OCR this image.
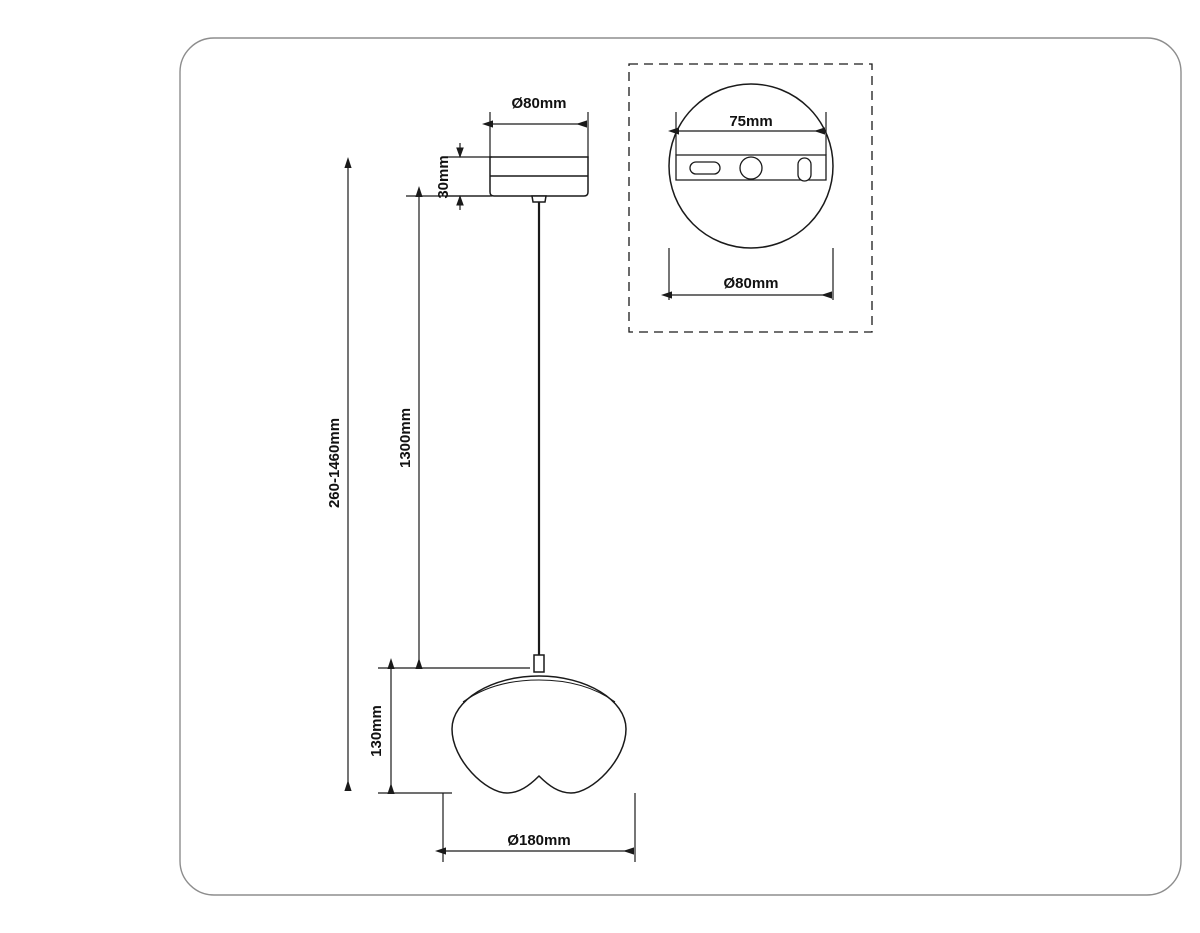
Ø80mm
30mm
1300mm
130mm
260-1460mm
Ø180mm
75mm
Ø80mm
